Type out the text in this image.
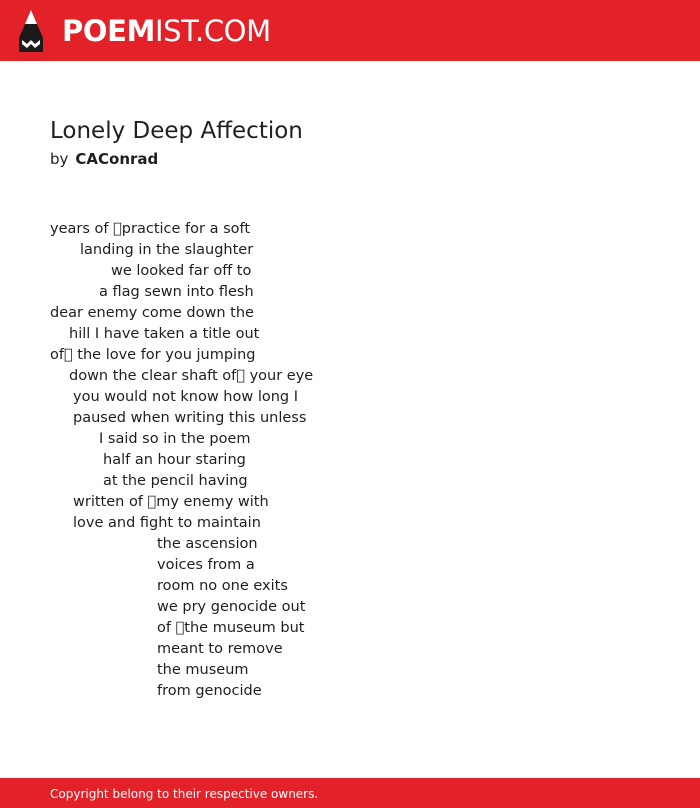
POEMIST.COM
Lonely Deep Affection
by CAConrad
years of  practice for a soft
landing in the slaughter
we looked far off to
a flag sewn into flesh
dear enemy come down the
hill I have taken a title out
of  the love for you jumping
down the clear shaft of  your eye
you would not know how long I
paused when writing this unless
I said so in the poem
half an hour staring
at the pencil having
written of  my enemy with
love and fight to maintain
the ascension
voices from a
room no one exits
we pry genocide out
of  the museum but
meant to remove
the museum
from genocide
Copyright belong to their respective owners.
